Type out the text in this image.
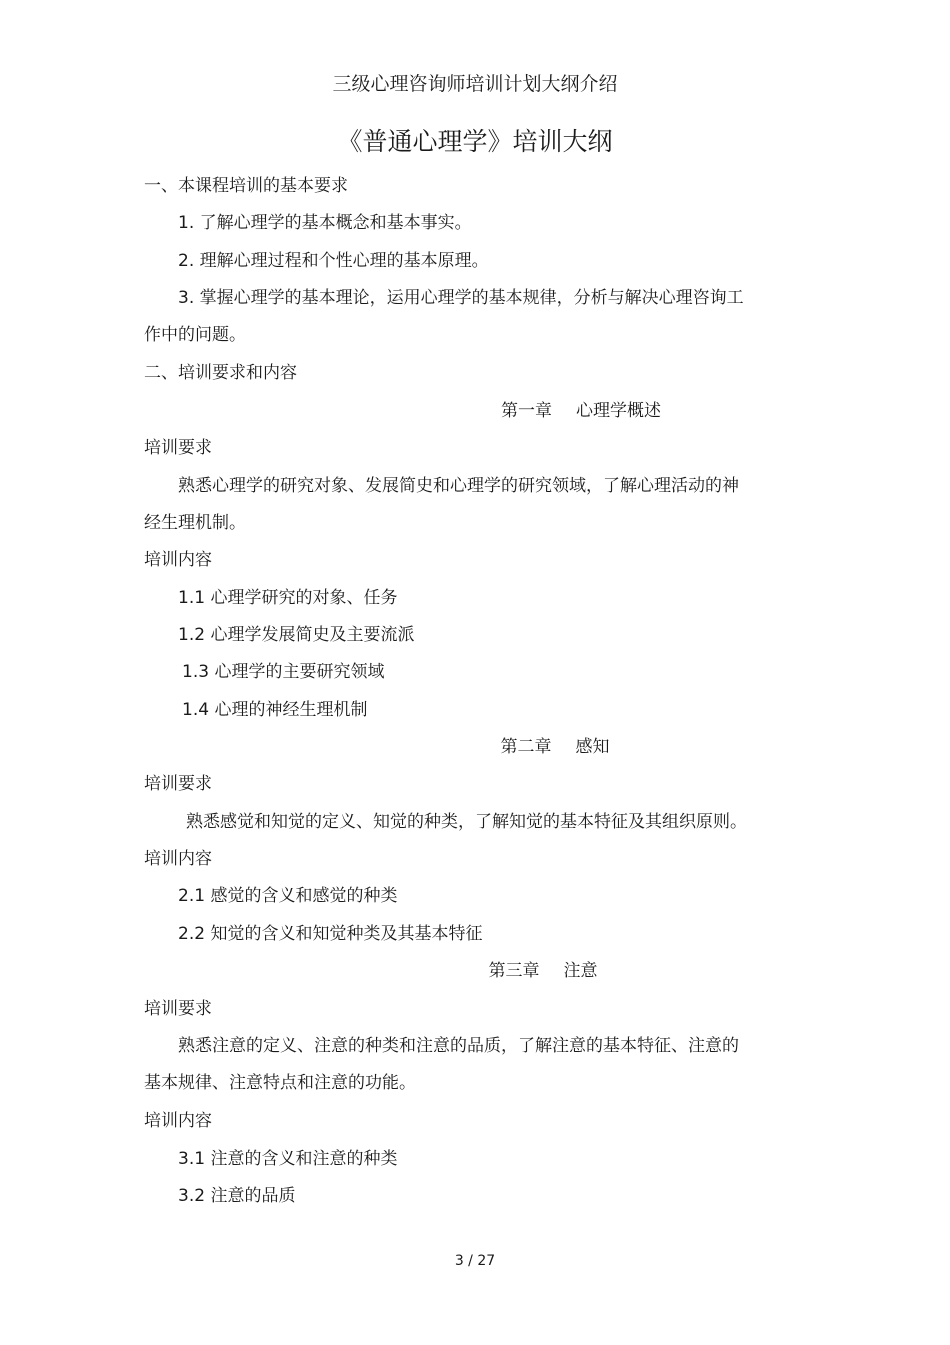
三级心理咨询师培训计划大纲介绍
《普通心理学》培训大纲
一、本课程培训的基本要求
1. 了解心理学的基本概念和基本事实。
2. 理解心理过程和个性心理的基本原理。
3. 掌握心理学的基本理论，运用心理学的基本规律，分析与解决心理咨询工
作中的问题。
二、培训要求和内容
第一章 心理学概述
培训要求
熟悉心理学的研究对象、发展简史和心理学的研究领域，了解心理活动的神
经生理机制。
培训内容
1.1 心理学研究的对象、任务
1.2 心理学发展简史及主要流派
1.3 心理学的主要研究领域
1.4 心理的神经生理机制
第二章 感知
培训要求
熟悉感觉和知觉的定义、知觉的种类，了解知觉的基本特征及其组织原则。
培训内容
2.1 感觉的含义和感觉的种类
2.2 知觉的含义和知觉种类及其基本特征
第三章 注意
培训要求
熟悉注意的定义、注意的种类和注意的品质，了解注意的基本特征、注意的
基本规律、注意特点和注意的功能。
培训内容
3.1 注意的含义和注意的种类
3.2 注意的品质
3 / 27
